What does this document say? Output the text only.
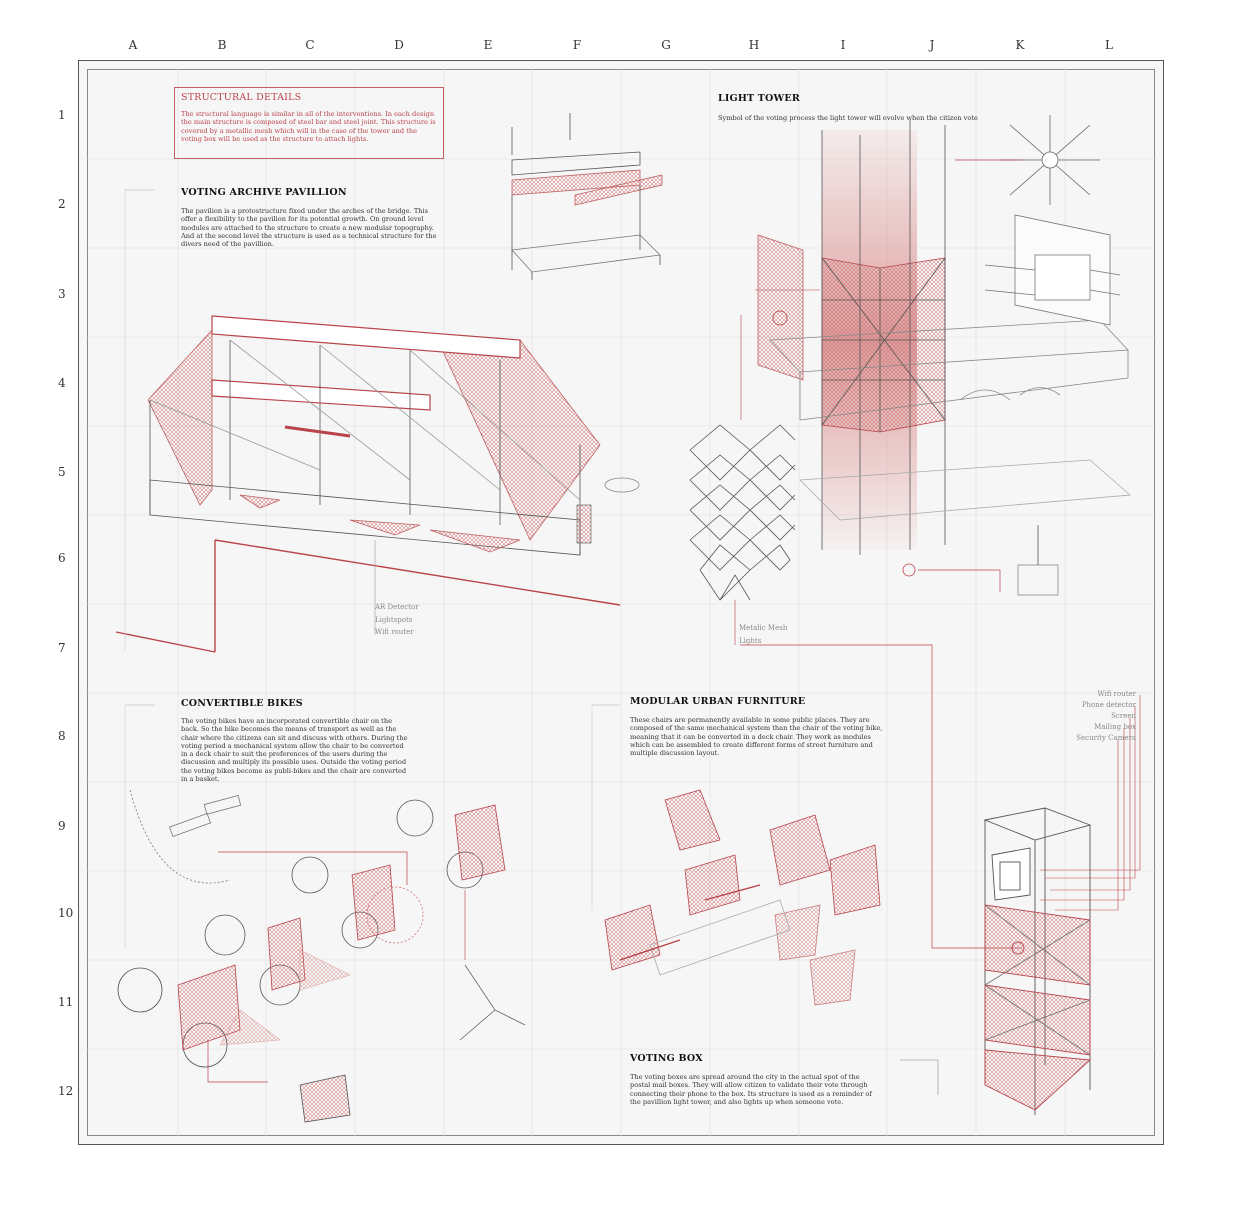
A	B	C	D	E	F	G	H	I	J	K	L
1
2
3
4
5
6
7
8
9
10
11
12
STRUCTURAL DETAILS
The structural language is similar in all of the interventions. In each design the main structure is composed of steel bar and steel joint. This structure is covered by a metallic mesh which will in the case of the tower and the voting box will be used as the structure to attach lights.
VOTING ARCHIVE PAVILLION
The pavilion is a protostructure fixed under the arches of the bridge. This offer a flexibility to the pavilion for its potential growth. On ground level modules are attached to the structure to create a new modular topography. And at the second level the structure is used as a technical structure for the divers need of the pavillion.
AR Detector
Lightspots
Wifi router
LIGHT TOWER
Symbol of the voting process the light tower will evolve when the citizen vote
Metalic Mesh
Lights
CONVERTIBLE BIKES
The voting bikes have an incorporated convertible chair on the back. So the bike becomes the means of transport as well as the chair where the citizens can sit and discuss with others. During the voting period a mechanical system allow the chair to be converted in a deck chair to suit the preferences of the users during the discussion and multiply its possible uses. Outside the voting period the voting bikes become as publi-bikes and the chair are converted in a basket.
MODULAR URBAN FURNITURE
These chairs are permanently available in some public places. They are composed of the same mechanical system than the chair of the voting bike, meaning that it can be converted in a deck chair. They work as modules which can be assembled to create different forms of street furniture and multiple discussion layout.
VOTING BOX
The voting boxes are spread around the city in the actual spot of the postal mail boxes. They will allow citizen to validate their vote through connecting their phone to the box. Its structure is used as a reminder of the pavillion light tower, and also lights up when someone vote.
Wifi router
Phone detector
Screen
Mailing box
Security Camera
